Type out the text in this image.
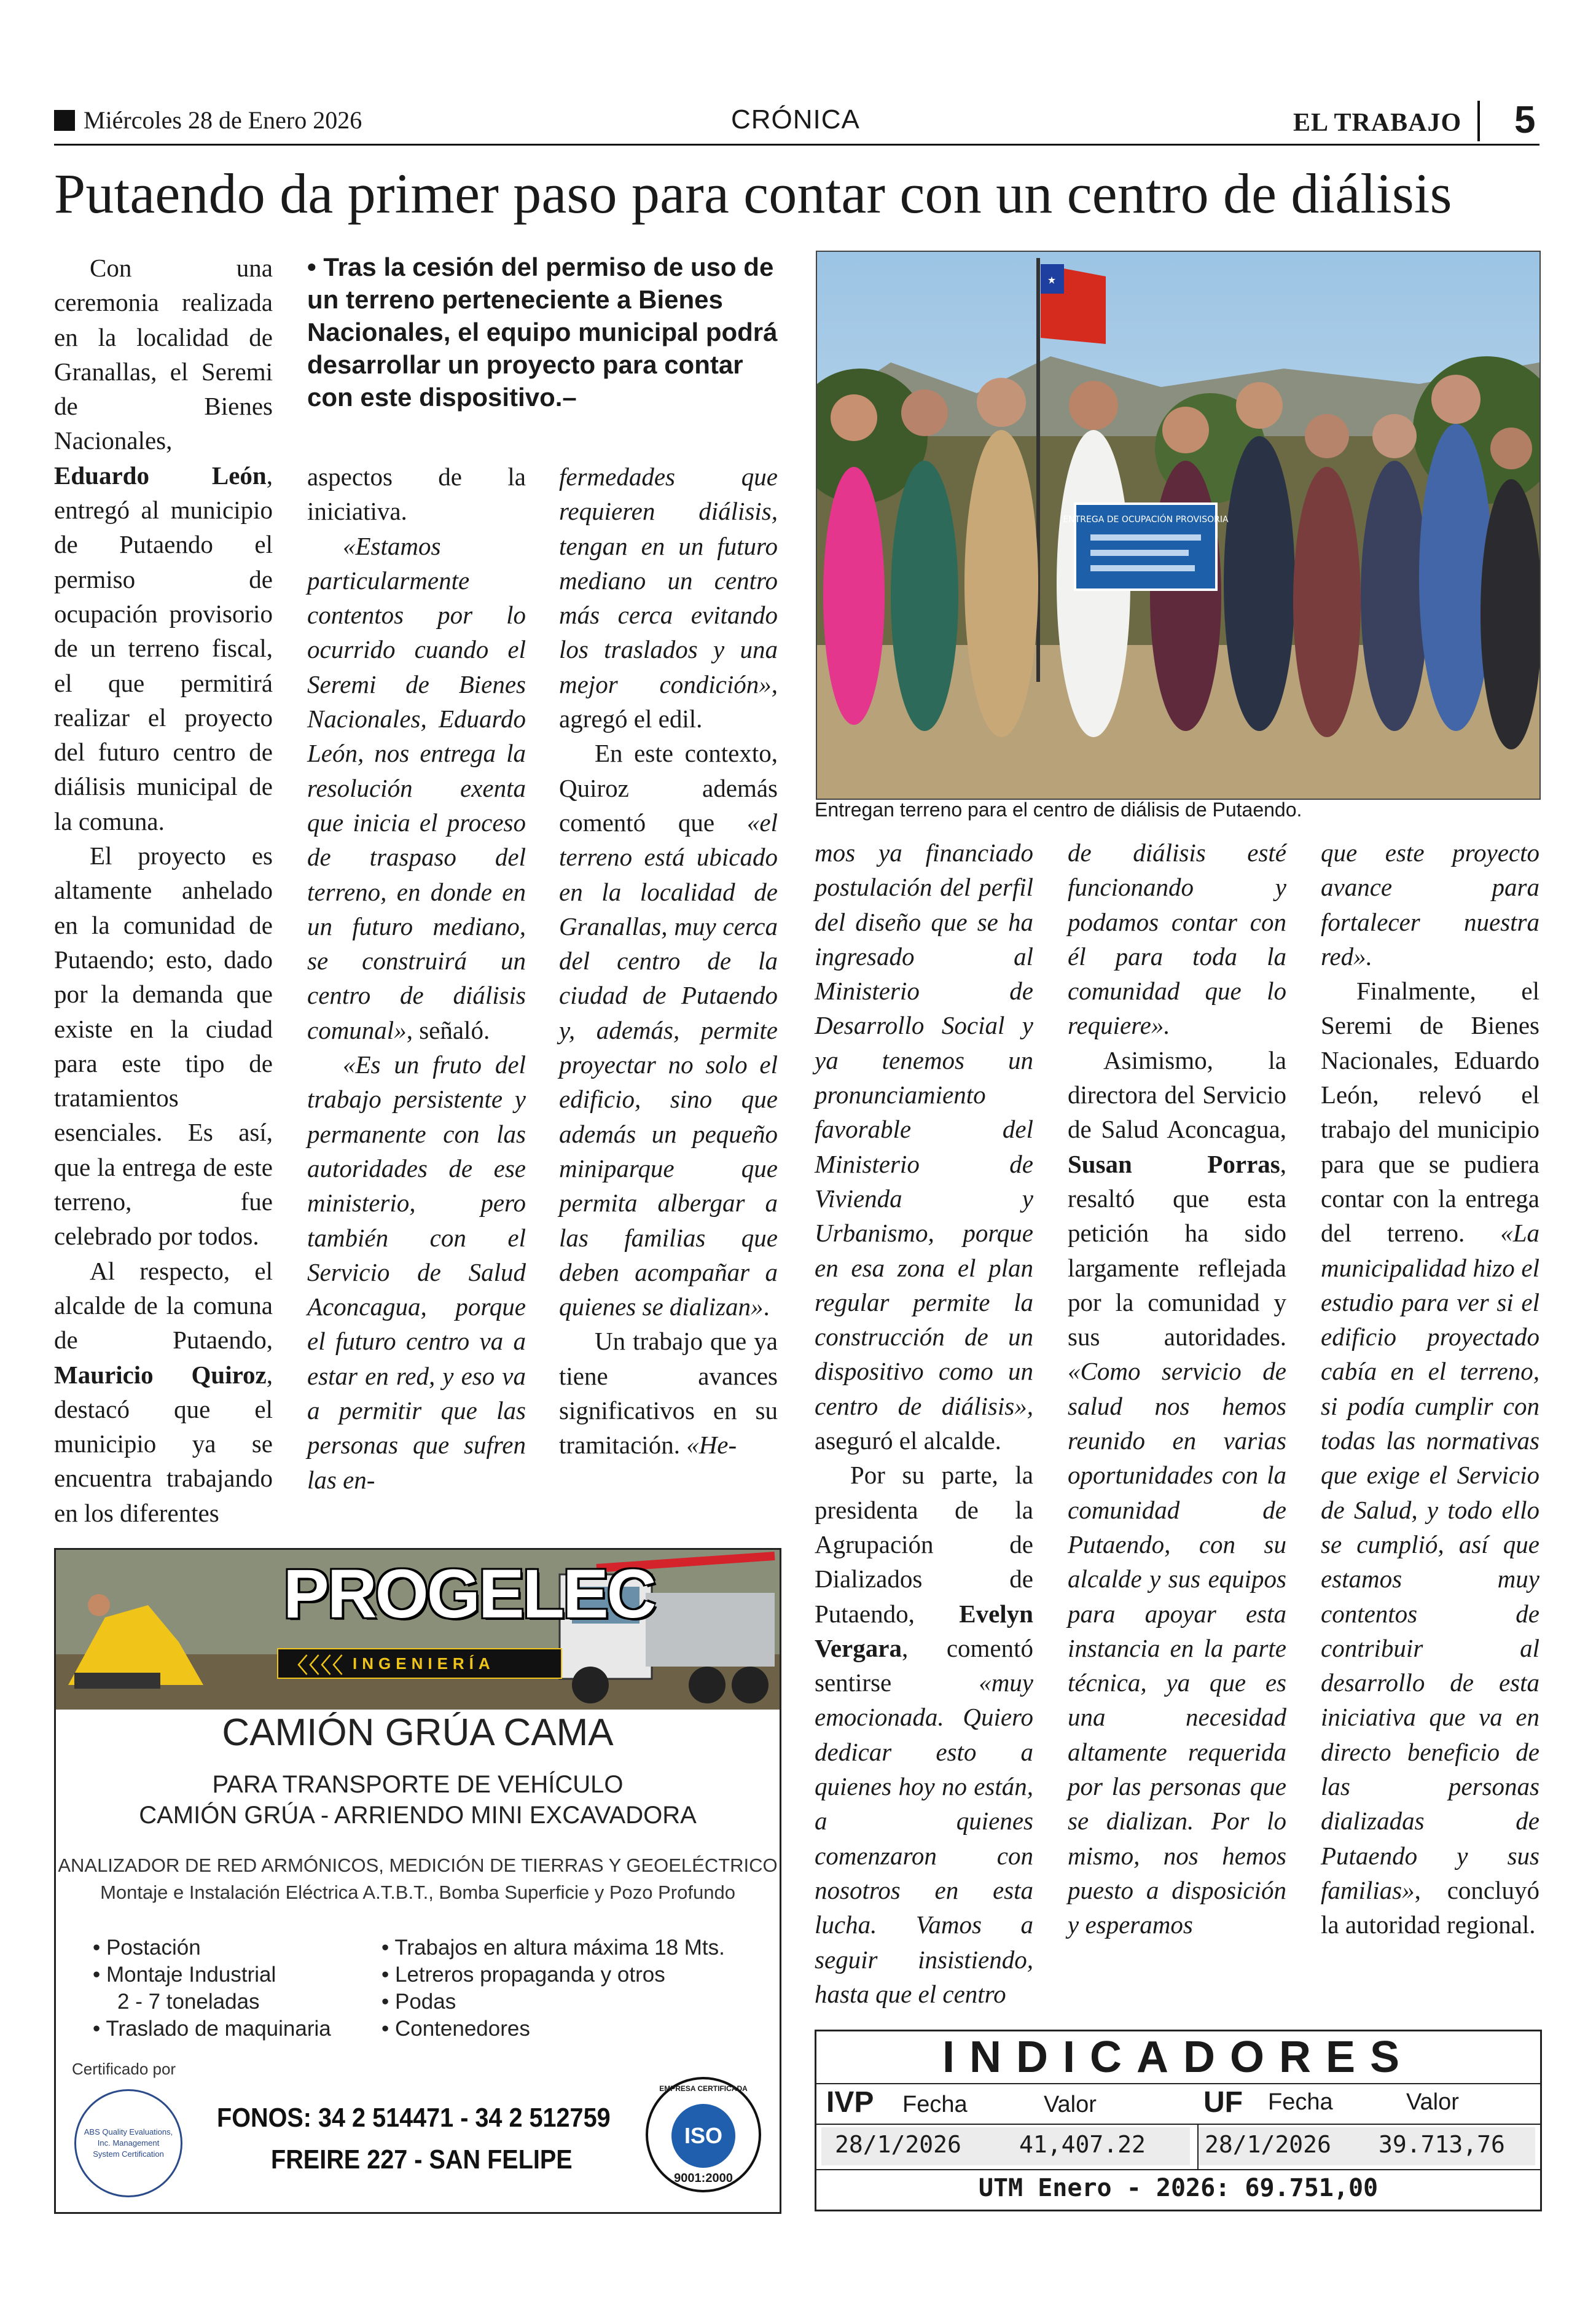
Miércoles 28 de Enero 2026	CRÓNICA	EL TRABAJO 5
Putaendo da primer paso para contar con un centro de diálisis

Con una ceremonia realizada en la localidad de Granallas, el Seremi de Bienes Nacionales, Eduardo León, entregó al municipio de Putaendo el permiso de ocupación provisorio de un terreno fiscal, el que permitirá realizar el proyecto del futuro centro de diálisis municipal de la comuna.

El proyecto es altamente anhelado en la comunidad de Putaendo; esto, dado por la demanda que existe en la ciudad para este tipo de tratamientos esenciales. Es así, que la entrega de este terreno, fue celebrado por todos.

Al respecto, el alcalde de la comuna de Putaendo, Mauricio Quiroz, destacó que el municipio ya se encuentra trabajando en los diferentes

• Tras la cesión del permiso de uso de un terreno perteneciente a Bienes Nacionales, el equipo municipal podrá desarrollar un proyecto para contar con este dispositivo.–

aspectos de la iniciativa.

«Estamos particularmente contentos por lo ocurrido cuando el Seremi de Bienes Nacionales, Eduardo León, nos entrega la resolución exenta que inicia el proceso de traspaso del terreno, en donde en un futuro mediano, se construirá un centro de diálisis comunal», señaló.

«Es un fruto del trabajo persistente y permanente con las autoridades de ese ministerio, pero también con el Servicio de Salud Aconcagua, porque el futuro centro va a estar en red, y eso va a permitir que las personas que sufren las en-

fermedades que requieren diálisis, tengan en un futuro mediano un centro más cerca evitando los traslados y una mejor condición», agregó el edil.

En este contexto, Quiroz además comentó que «el terreno está ubicado en la localidad de Granallas, muy cerca del centro de la ciudad de Putaendo y, además, permite proyectar no solo el edificio, sino que además un pequeño miniparque que permita albergar a las familias que deben acompañar a quienes se dializan».

Un trabajo que ya tiene avances significativos en su tramitación. «He-

ENTREGA DE OCUPACIÓN PROVISORIA
Entregan terreno para el centro de diálisis de Putaendo.

mos ya financiado postulación del perfil del diseño que se ha ingresado al Ministerio de Desarrollo Social y ya tenemos un pronunciamiento favorable del Ministerio de Vivienda y Urbanismo, porque en esa zona el plan regular permite la construcción de un dispositivo como un centro de diálisis», aseguró el alcalde.

Por su parte, la presidenta de la Agrupación de Dializados de Putaendo, Evelyn Vergara, comentó sentirse «muy emocionada. Quiero dedicar esto a quienes hoy no están, a quienes comenzaron con nosotros en esta lucha. Vamos a seguir insistiendo, hasta que el centro

de diálisis esté funcionando y podamos contar con él para toda la comunidad que lo requiere».

Asimismo, la directora del Servicio de Salud Aconcagua, Susan Porras, resaltó que esta petición ha sido largamente reflejada por la comunidad y sus autoridades. «Como servicio de salud nos hemos reunido en varias oportunidades con la comunidad de Putaendo, con su alcalde y sus equipos para apoyar esta instancia en la parte técnica, ya que es una necesidad altamente requerida por las personas que se dializan. Por lo mismo, nos hemos puesto a disposición y esperamos

que este proyecto avance para fortalecer nuestra red».

Finalmente, el Seremi de Bienes Nacionales, Eduardo León, relevó el trabajo del municipio para que se pudiera contar con la entrega del terreno. «La municipalidad hizo el estudio para ver si el edificio proyectado cabía en el terreno, si podía cumplir con todas las normativas que exige el Servicio de Salud, y todo ello se cumplió, así que estamos muy contentos de contribuir al desarrollo de esta iniciativa que va en directo beneficio de las personas dializadas de Putaendo y sus familias», concluyó la autoridad regional.

PROGELEC
〈〈〈〈 INGENIERÍA
CAMIÓN GRÚA CAMA
PARA TRANSPORTE DE VEHÍCULO
CAMIÓN GRÚA - ARRIENDO MINI EXCAVADORA
ANALIZADOR DE RED ARMÓNICOS, MEDICIÓN DE TIERRAS Y GEOELÉCTRICO
Montaje e Instalación Eléctrica A.T.B.T., Bomba Superficie y Pozo Profundo
• Postación
• Montaje Industrial
2 - 7 toneladas
• Traslado de maquinaria
• Trabajos en altura máxima 18 Mts.
• Letreros propaganda y otros
• Podas
• Contenedores
Certificado por
ABS Quality Evaluations, Inc. Management System Certification
FONOS: 34 2 514471 - 34 2 512759
FREIRE 227 - SAN FELIPE
ISO
EMPRESA CERTIFICADA
9001:2000
INDICADORES
IVP Fecha	Valor	UF Fecha	Valor
28/1/2026 41,407.22	28/1/2026 39.713,76
UTM Enero - 2026: 69.751,00
